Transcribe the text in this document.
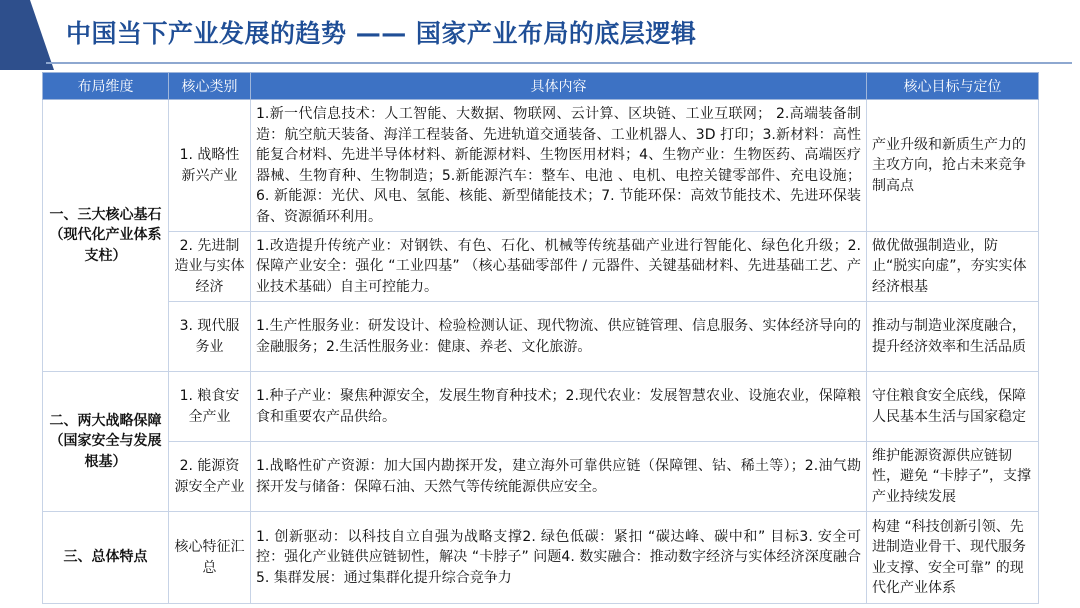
中国当下产业发展的趋势 —— 国家产业布局的底层逻辑
布局维度	核心类别	具体内容	核心目标与定位
一、三大核心基石（现代化产业体系支柱）	1. 战略性新兴产业	1.新一代信息技术：人工智能、大数据、物联网、云计算、区块链、工业互联网； 2.高端装备制造：航空航天装备、海洋工程装备、先进轨道交通装备、工业机器人、3D 打印；3.新材料：高性能复合材料、先进半导体材料、新能源材料、生物医用材料；4、生物产业：生物医药、高端医疗器械、生物育种、生物制造；5.新能源汽车：整车、电池 、电机、电控关键零部件、充电设施；6. 新能源：光伏、风电、氢能、核能、新型储能技术；7. 节能环保：高效节能技术、先进环保装备、资源循环利用。	产业升级和新质生产力的主攻方向，抢占未来竞争制高点
	2. 先进制造业与实体经济	1.改造提升传统产业：对钢铁、有色、石化、机械等传统基础产业进行智能化、绿色化升级；2. 保障产业安全：强化 “工业四基” （核心基础零部件 / 元器件、关键基础材料、先进基础工艺、产业技术基础）自主可控能力。	做优做强制造业，防止“脱实向虚”，夯实实体经济根基
	3. 现代服务业	1.生产性服务业：研发设计、检验检测认证、现代物流、供应链管理、信息服务、实体经济导向的金融服务；2.生活性服务业：健康、养老、文化旅游。	推动与制造业深度融合，提升经济效率和生活品质
二、两大战略保障（国家安全与发展根基）	1. 粮食安全产业	1.种子产业：聚焦种源安全，发展生物育种技术；2.现代农业：发展智慧农业、设施农业，保障粮食和重要农产品供给。	守住粮食安全底线，保障人民基本生活与国家稳定
	2. 能源资源安全产业	1.战略性矿产资源：加大国内勘探开发，建立海外可靠供应链（保障锂、钴、稀土等）；2.油气勘探开发与储备：保障石油、天然气等传统能源供应安全。	维护能源资源供应链韧性，避免 “卡脖子”，支撑产业持续发展
三、总体特点	核心特征汇总	1. 创新驱动：以科技自立自强为战略支撑2. 绿色低碳：紧扣 “碳达峰、碳中和” 目标3. 安全可控：强化产业链供应链韧性，解决 “卡脖子” 问题4. 数实融合：推动数字经济与实体经济深度融合5. 集群发展：通过集群化提升综合竞争力	构建 “科技创新引领、先进制造业骨干、现代服务业支撑、安全可靠” 的现代化产业体系
